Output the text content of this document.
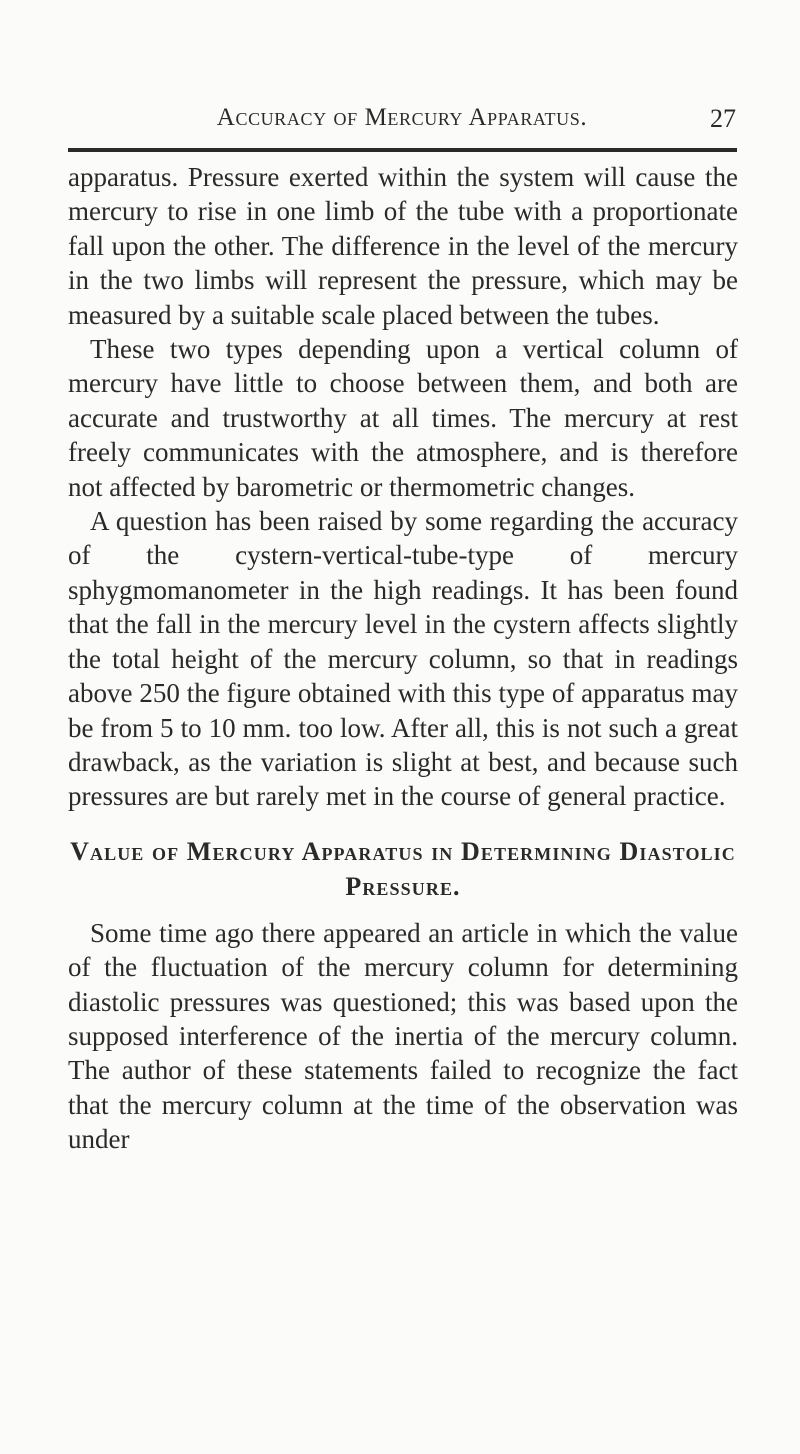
Accuracy of Mercury Apparatus.	27

apparatus. Pressure exerted within the system will cause the mercury to rise in one limb of the tube with a proportionate fall upon the other. The difference in the level of the mercury in the two limbs will represent the pressure, which may be measured by a suitable scale placed between the tubes.

These two types depending upon a vertical column of mercury have little to choose between them, and both are accurate and trustworthy at all times. The mercury at rest freely communicates with the atmosphere, and is therefore not affected by barometric or thermometric changes.

A question has been raised by some regarding the accuracy of the cystern-vertical-tube-type of mercury sphygmomanometer in the high readings. It has been found that the fall in the mercury level in the cystern affects slightly the total height of the mercury column, so that in readings above 250 the figure obtained with this type of apparatus may be from 5 to 10 mm. too low. After all, this is not such a great drawback, as the variation is slight at best, and because such pressures are but rarely met in the course of general practice.

Value of Mercury Apparatus in Determining Diastolic Pressure.

Some time ago there appeared an article in which the value of the fluctuation of the mercury column for determining diastolic pressures was questioned; this was based upon the supposed interference of the inertia of the mercury column. The author of these statements failed to recognize the fact that the mercury column at the time of the observation was under
